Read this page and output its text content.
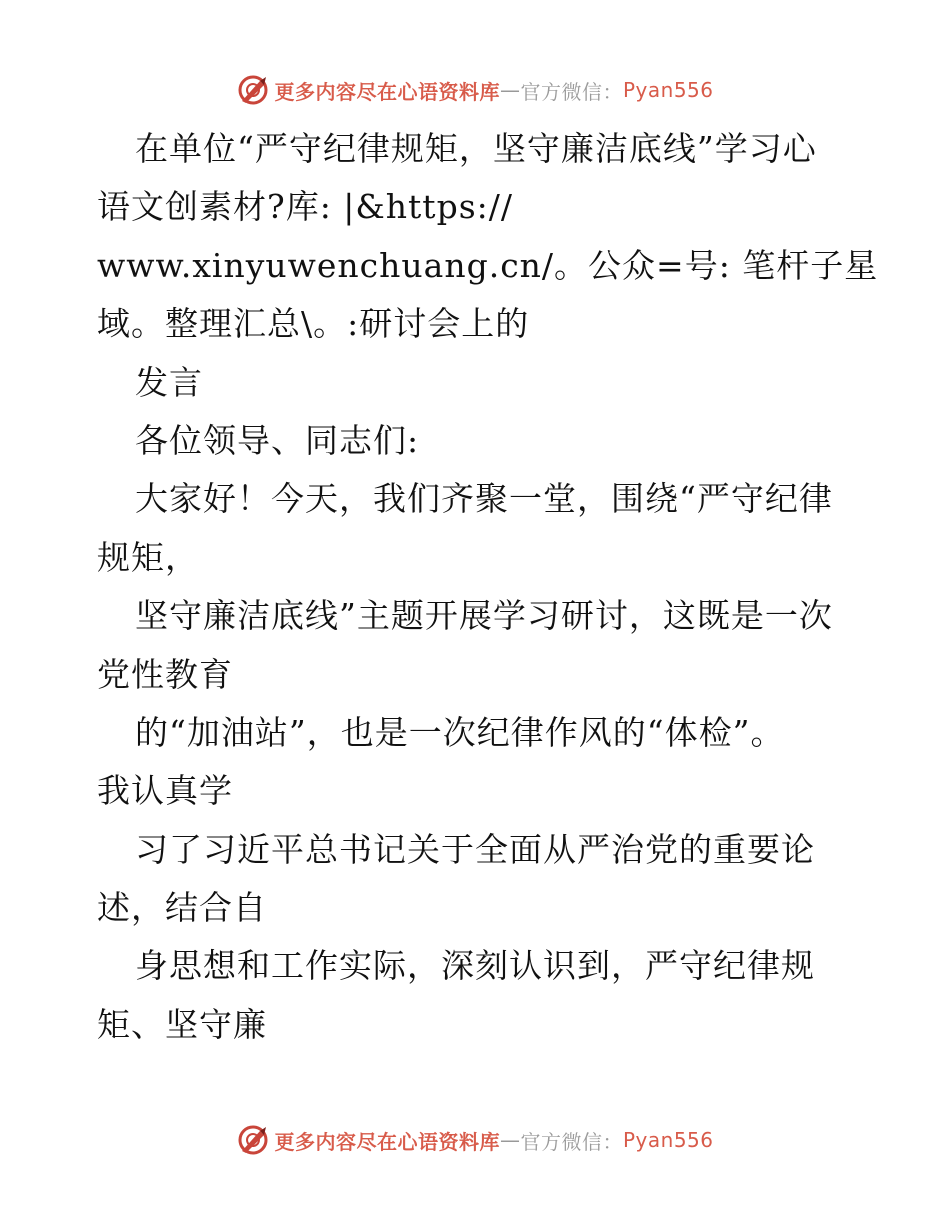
更多内容尽在心语资料库 — 官方微信： Pyan556
在单位“严守纪律规矩，坚守廉洁底线”学习心
语文创素材?库: |&https://
www.xinyuwenchuang.cn/。公众=号: 笔杆子星
域。整理汇总\。:研讨会上的
发言
各位领导、同志们:
大家好！今天，我们齐聚一堂，围绕“严守纪律
规矩，
坚守廉洁底线”主题开展学习研讨，这既是一次
党性教育
的“加油站”，也是一次纪律作风的“体检”。
我认真学
习了习近平总书记关于全面从严治党的重要论
述，结合自
身思想和工作实际，深刻认识到，严守纪律规
矩、坚守廉
更多内容尽在心语资料库 — 官方微信： Pyan556
